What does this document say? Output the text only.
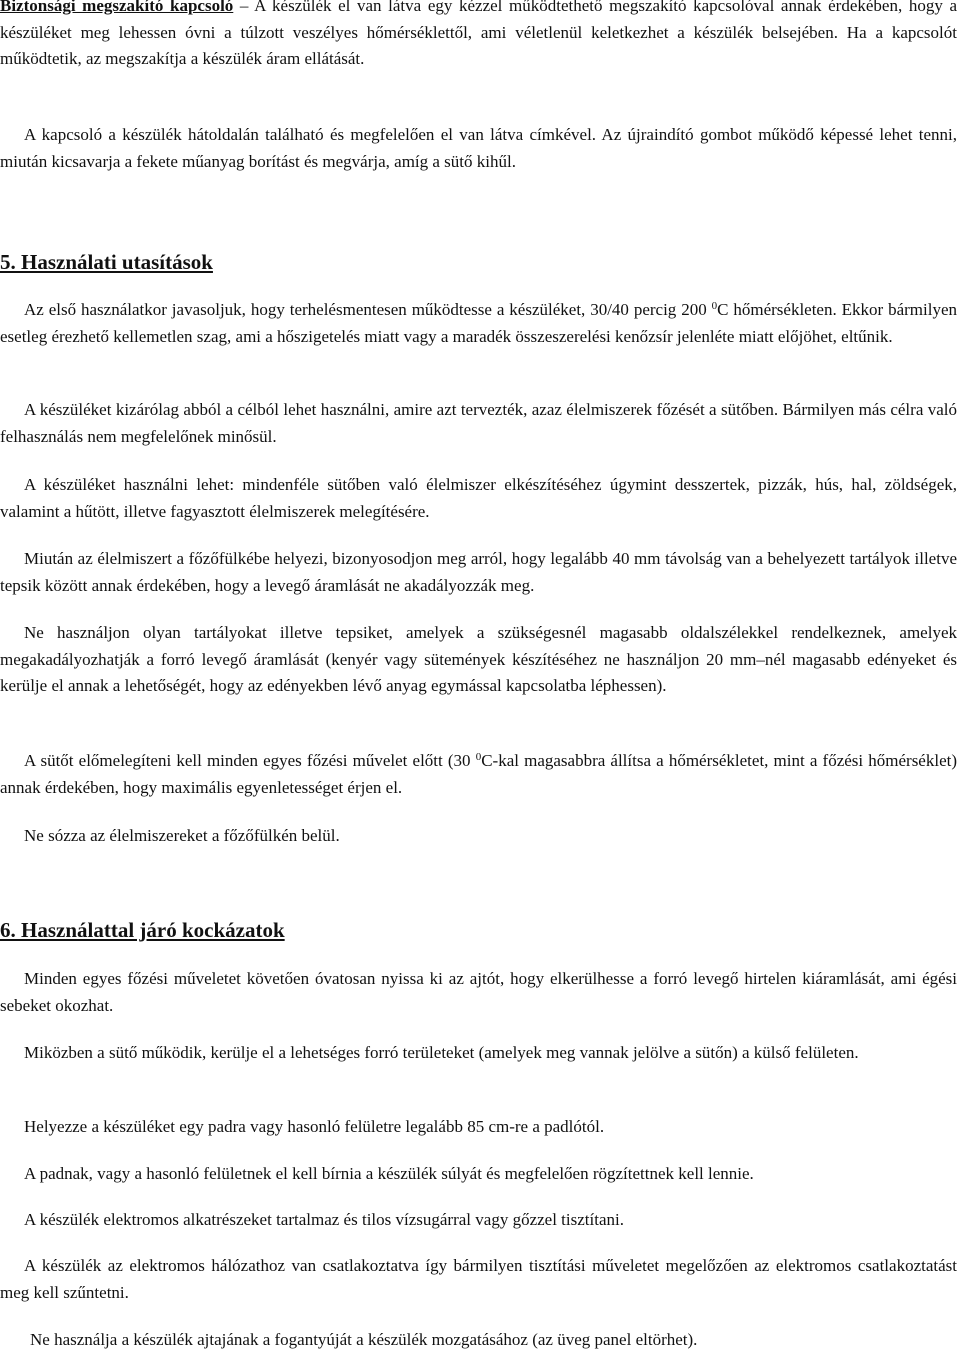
Biztonsági megszakító kapcsoló – A készülék el van látva egy kézzel működtethető megszakító kapcsolóval annak érdekében, hogy a készüléket meg lehessen óvni a túlzott veszélyes hőmérséklettől, ami véletlenül keletkezhet a készülék belsejében. Ha a kapcsolót működtetik, az megszakítja a készülék áram ellátását.

A kapcsoló a készülék hátoldalán található és megfelelően el van látva címkével. Az újraindító gombot működő képessé lehet tenni, miután kicsavarja a fekete műanyag borítást és megvárja, amíg a sütő kihűl.

5. Használati utasítások

Az első használatkor javasoljuk, hogy terhelésmentesen működtesse a készüléket, 30/40 percig 200 $^0$C hőmérsékleten. Ekkor bármilyen esetleg érezhető kellemetlen szag, ami a hőszigetelés miatt vagy a maradék összeszerelési kenőzsír jelenléte miatt előjöhet, eltűnik.

A készüléket kizárólag abból a célból lehet használni, amire azt tervezték, azaz élelmiszerek főzését a sütőben. Bármilyen más célra való felhasználás nem megfelelőnek minősül.

A készüléket használni lehet: mindenféle sütőben való élelmiszer elkészítéséhez úgymint desszertek, pizzák, hús, hal, zöldségek, valamint a hűtött, illetve fagyasztott élelmiszerek melegítésére.

Miután az élelmiszert a főzőfülkébe helyezi, bizonyosodjon meg arról, hogy legalább 40 mm távolság van a behelyezett tartályok illetve tepsik között annak érdekében, hogy a levegő áramlását ne akadályozzák meg.

Ne használjon olyan tartályokat illetve tepsiket, amelyek a szükségesnél magasabb oldalszélekkel rendelkeznek, amelyek megakadályozhatják a forró levegő áramlását (kenyér vagy sütemények készítéséhez ne használjon 20 mm–nél magasabb edényeket és kerülje el annak a lehetőségét, hogy az edényekben lévő anyag egymással kapcsolatba léphessen).

A sütőt előmelegíteni kell minden egyes főzési művelet előtt (30 $^0$C-kal magasabbra állítsa a hőmérsékletet, mint a főzési hőmérséklet) annak érdekében, hogy maximális egyenletességet érjen el.

Ne sózza az élelmiszereket a főzőfülkén belül.

6. Használattal járó kockázatok

Minden egyes főzési műveletet követően óvatosan nyissa ki az ajtót, hogy elkerülhesse a forró levegő hirtelen kiáramlását, ami égési sebeket okozhat.

Miközben a sütő működik, kerülje el a lehetséges forró területeket (amelyek meg vannak jelölve a sütőn) a külső felületen.

Helyezze a készüléket egy padra vagy hasonló felületre legalább 85 cm-re a padlótól.

A padnak, vagy a hasonló felületnek el kell bírnia a készülék súlyát és megfelelően rögzítettnek kell lennie.

A készülék elektromos alkatrészeket tartalmaz és tilos vízsugárral vagy gőzzel tisztítani.

A készülék az elektromos hálózathoz van csatlakoztatva így bármilyen tisztítási műveletet megelőzően az elektromos csatlakoztatást meg kell szűntetni.

Ne használja a készülék ajtajának a fogantyúját a készülék mozgatásához (az üveg panel eltörhet).
